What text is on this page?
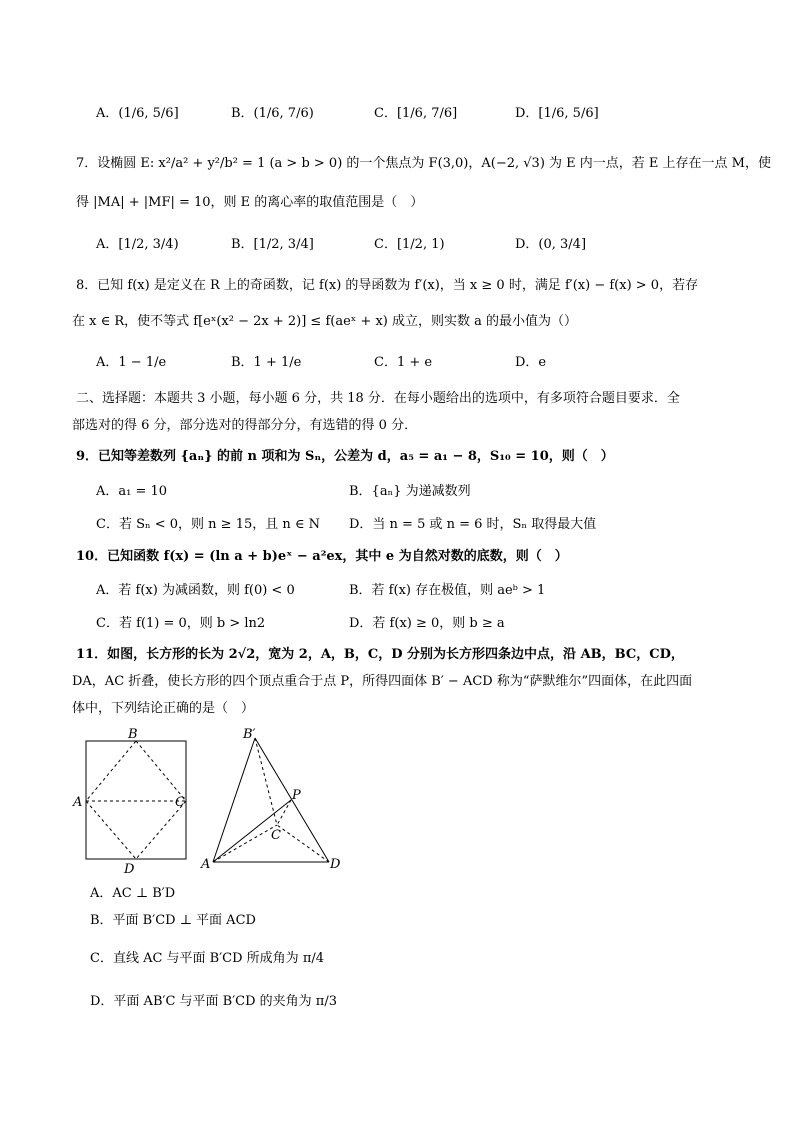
A．(1/6, 5/6]	B．(1/6, 7/6)	C．[1/6, 7/6]	D．[1/6, 5/6]
7．设椭圆 E: x²/a² + y²/b² = 1 (a > b > 0) 的一个焦点为 F(3,0)，A(−2, √3) 为 E 内一点，若 E 上存在一点 M，使
得 |MA| + |MF| = 10，则 E 的离心率的取值范围是（　）
A．[1/2, 3/4)	B．[1/2, 3/4]	C．[1/2, 1)	D．(0, 3/4]
8．已知 f(x) 是定义在 R 上的奇函数，记 f(x) 的导函数为 f′(x)，当 x ≥ 0 时，满足 f′(x) − f(x) > 0，若存
在 x ∈ R，使不等式 f[eˣ(x² − 2x + 2)] ≤ f(aeˣ + x) 成立，则实数 a 的最小值为（）
A．1 − 1/e	B．1 + 1/e	C．1 + e	D．e
二、选择题：本题共 3 小题，每小题 6 分，共 18 分．在每小题给出的选项中，有多项符合题目要求．全
部选对的得 6 分，部分选对的得部分分，有选错的得 0 分．
9．已知等差数列 {aₙ} 的前 n 项和为 Sₙ，公差为 d，a₅ = a₁ − 8，S₁₀ = 10，则（　）
A．a₁ = 10	B．{aₙ} 为递减数列
C．若 Sₙ < 0，则 n ≥ 15，且 n ∈ N D．当 n = 5 或 n = 6 时，Sₙ 取得最大值
10．已知函数 f(x) = (ln a + b)eˣ − a²ex，其中 e 为自然对数的底数，则（　）
A．若 f(x) 为减函数，则 f(0) < 0	B．若 f(x) 存在极值，则 aeᵇ > 1
C．若 f(1) = 0，则 b > ln2	D．若 f(x) ≥ 0，则 b ≥ a
11．如图，长方形的长为 2√2，宽为 2，A，B，C，D 分别为长方形四条边中点，沿 AB，BC，CD，
DA，AC 折叠，使长方形的四个顶点重合于点 P，所得四面体 B′ − ACD 称为“萨默维尔”四面体，在此四面
体中，下列结论正确的是（　）
B
A	C
D
B′
P
C
A	D
A．AC ⊥ B′D
B．平面 B′CD ⊥ 平面 ACD
C．直线 AC 与平面 B′CD 所成角为 π/4
D．平面 AB′C 与平面 B′CD 的夹角为 π/3
